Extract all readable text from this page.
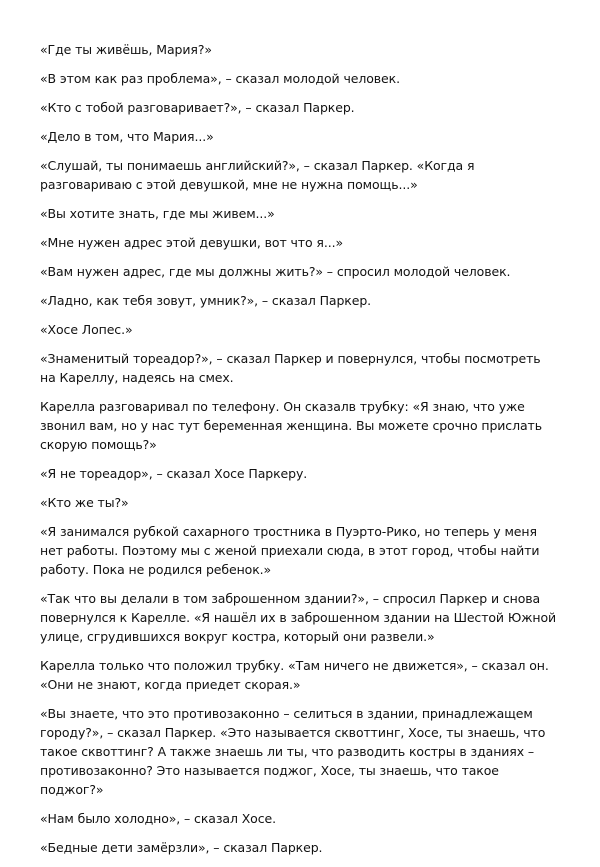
«Где ты живёшь, Мария?»

«В этом как раз проблема», – сказал молодой человек.

«Кто с тобой разговаривает?», – сказал Паркер.

«Дело в том, что Мария...»

«Слушай, ты понимаешь английский?», – сказал Паркер. «Когда я разговариваю с этой девушкой, мне не нужна помощь...»

«Вы хотите знать, где мы живем...»

«Мне нужен адрес этой девушки, вот что я...»

«Вам нужен адрес, где мы должны жить?» – спросил молодой человек.

«Ладно, как тебя зовут, умник?», – сказал Паркер.

«Хосе Лопес.»

«Знаменитый тореадор?», – сказал Паркер и повернулся, чтобы посмотреть на Кареллу, надеясь на смех.

Карелла разговаривал по телефону. Он сказалв трубку: «Я знаю, что уже звонил вам, но у нас тут беременная женщина. Вы можете срочно прислать скорую помощь?»

«Я не тореадор», – сказал Хосе Паркеру.

«Кто же ты?»

«Я занимался рубкой сахарного тростника в Пуэрто-Рико, но теперь у меня нет работы. Поэтому мы с женой приехали сюда, в этот город, чтобы найти работу. Пока не родился ребенок.»

«Так что вы делали в том заброшенном здании?», – спросил Паркер и снова повернулся к Карелле. «Я нашёл их в заброшенном здании на Шестой Южной улице, сгрудившихся вокруг костра, который они развели.»

Карелла только что положил трубку. «Там ничего не движется», – сказал он. «Они не знают, когда приедет скорая.»

«Вы знаете, что это противозаконно – селиться в здании, принадлежащем городу?», – сказал Паркер. «Это называется сквоттинг, Хосе, ты знаешь, что такое сквоттинг? А также знаешь ли ты, что разводить костры в зданиях – противозаконно? Это называется поджог, Хосе, ты знаешь, что такое поджог?»

«Нам было холодно», – сказал Хосе.

«Бедные дети замёрзли», – сказал Паркер.
